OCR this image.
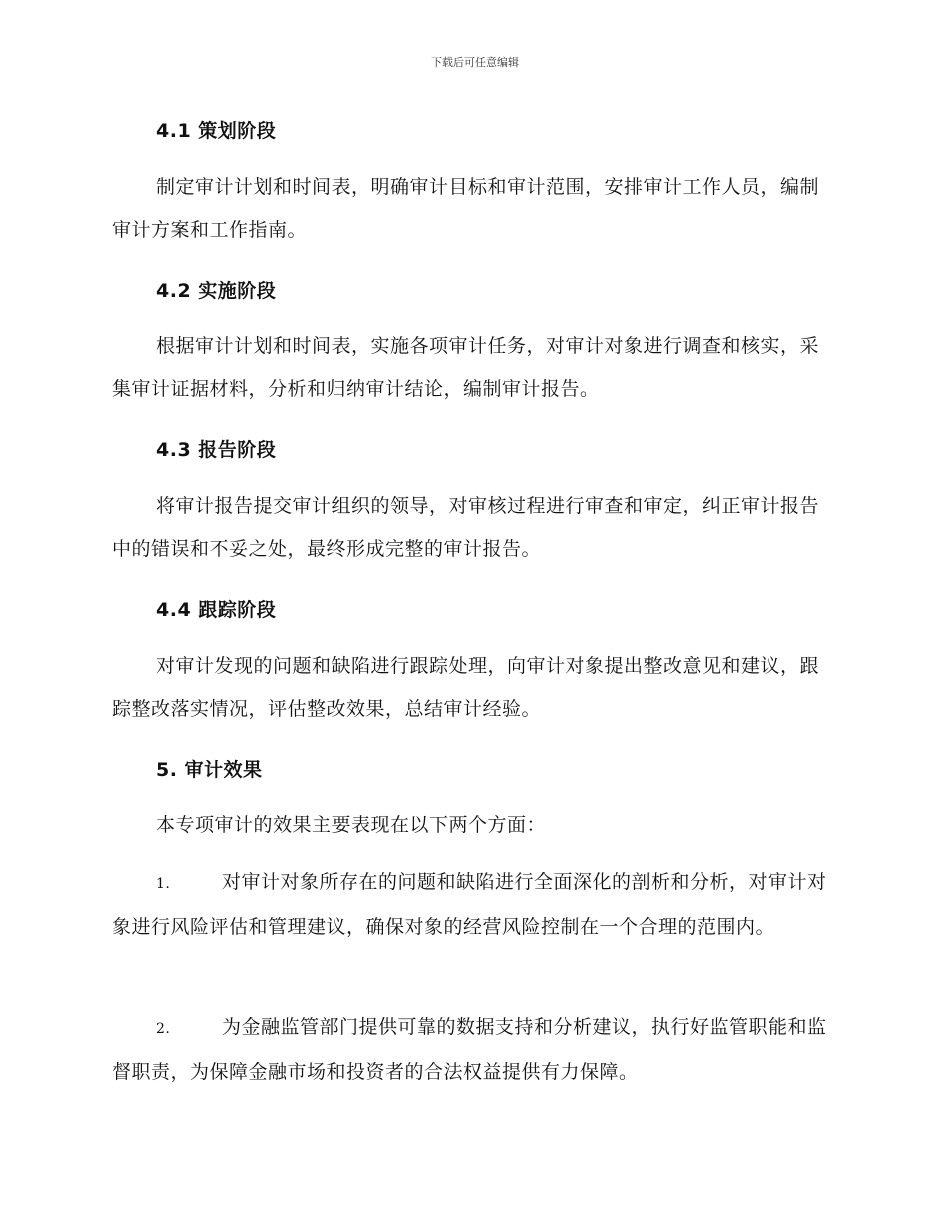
下载后可任意编辑
4.1 策划阶段
制定审计计划和时间表，明确审计目标和审计范围，安排审计工作人员，编制审计方案和工作指南。
4.2 实施阶段
根据审计计划和时间表，实施各项审计任务，对审计对象进行调查和核实，采集审计证据材料，分析和归纳审计结论，编制审计报告。
4.3 报告阶段
将审计报告提交审计组织的领导，对审核过程进行审查和审定，纠正审计报告中的错误和不妥之处，最终形成完整的审计报告。
4.4 跟踪阶段
对审计发现的问题和缺陷进行跟踪处理，向审计对象提出整改意见和建议，跟踪整改落实情况，评估整改效果，总结审计经验。
5. 审计效果
本专项审计的效果主要表现在以下两个方面：
1.	对审计对象所存在的问题和缺陷进行全面深化的剖析和分析，对审计对象进行风险评估和管理建议，确保对象的经营风险控制在一个合理的范围内。
2.	为金融监管部门提供可靠的数据支持和分析建议，执行好监管职能和监督职责，为保障金融市场和投资者的合法权益提供有力保障。
